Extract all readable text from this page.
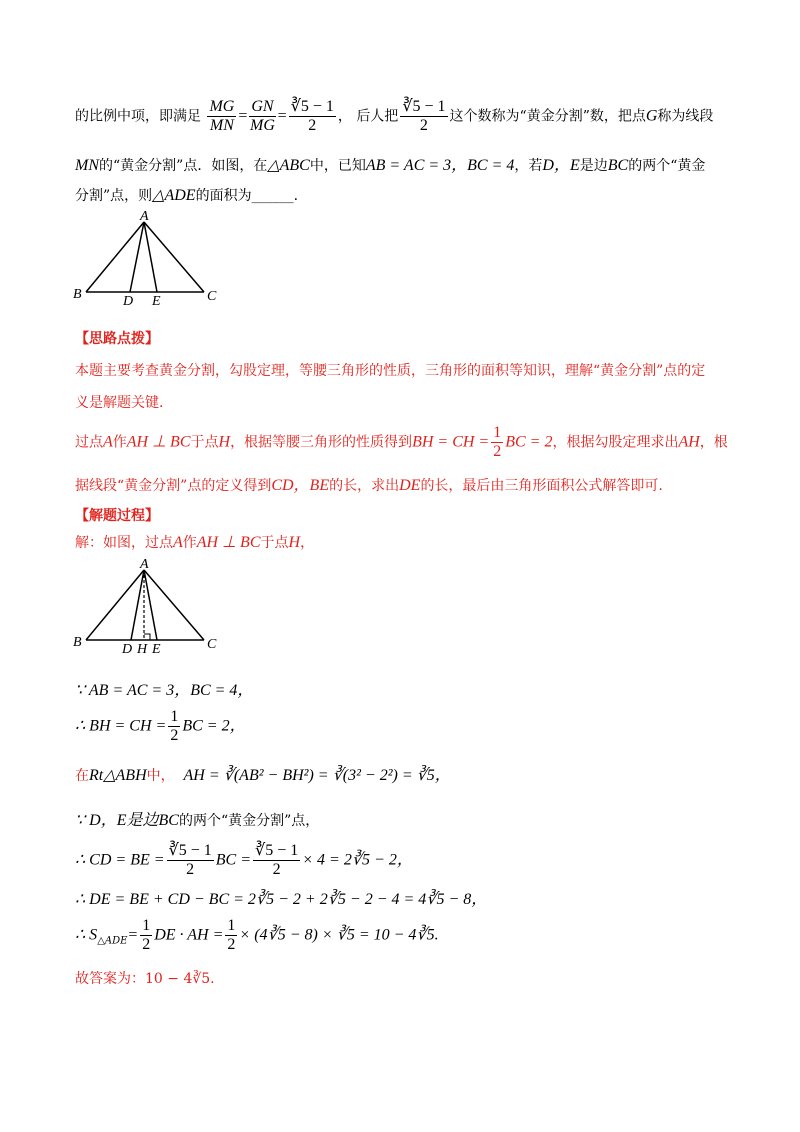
的比例中项，即满足 $\frac{MG}{MN} = \frac{GN}{MG} = \frac{∛5 - 1}{2}$ ， 后人把 $\frac{∛5 - 1}{2}$ 这个数称为“黄金分割”数，把点G称为线段
MN的“黄金分割”点．如图，在△ABC中，已知AB = AC = 3，BC = 4，若D，E是边BC的两个“黄金
分割”点，则△ADE的面积为______.
A
B	C
D E
【思路点拨】
本题主要考查黄金分割，勾股定理，等腰三角形的性质，三角形的面积等知识，理解“黄金分割”点的定
义是解题关键.
过点A作AH ⊥ BC于点H，根据等腰三角形的性质得到BH = CH = $\frac{1}{2}$ BC = 2，根据勾股定理求出AH，根
据线段“黄金分割”点的定义得到CD，BE的长，求出DE的长，最后由三角形面积公式解答即可.
【解题过程】
解：如图，过点A作AH ⊥ BC于点H，
A
B	C
D H E
∵ AB = AC = 3，BC = 4，
∴ BH = CH = $\frac{1}{2}$ BC = 2，
在Rt△ABH中， AH = ∛(AB² − BH²) = ∛(3² − 2²) = ∛5，
∵ D，E是边BC的两个“黄金分割”点，
∴ CD = BE = $\frac{∛5 - 1}{2}$ BC = $\frac{∛5 - 1}{2} \times 4$ = 2∛5 − 2，
∴ DE = BE + CD − BC = 2∛5 − 2 + 2∛5 − 2 − 4 = 4∛5 − 8，
∴ $S_{\triangle ADE}= \frac{1}{2}$ DE · AH = $\frac{1}{2}$ × (4∛5 − 8) × ∛5 = 10 − 4∛5.
故答案为：10 − 4∛5.
